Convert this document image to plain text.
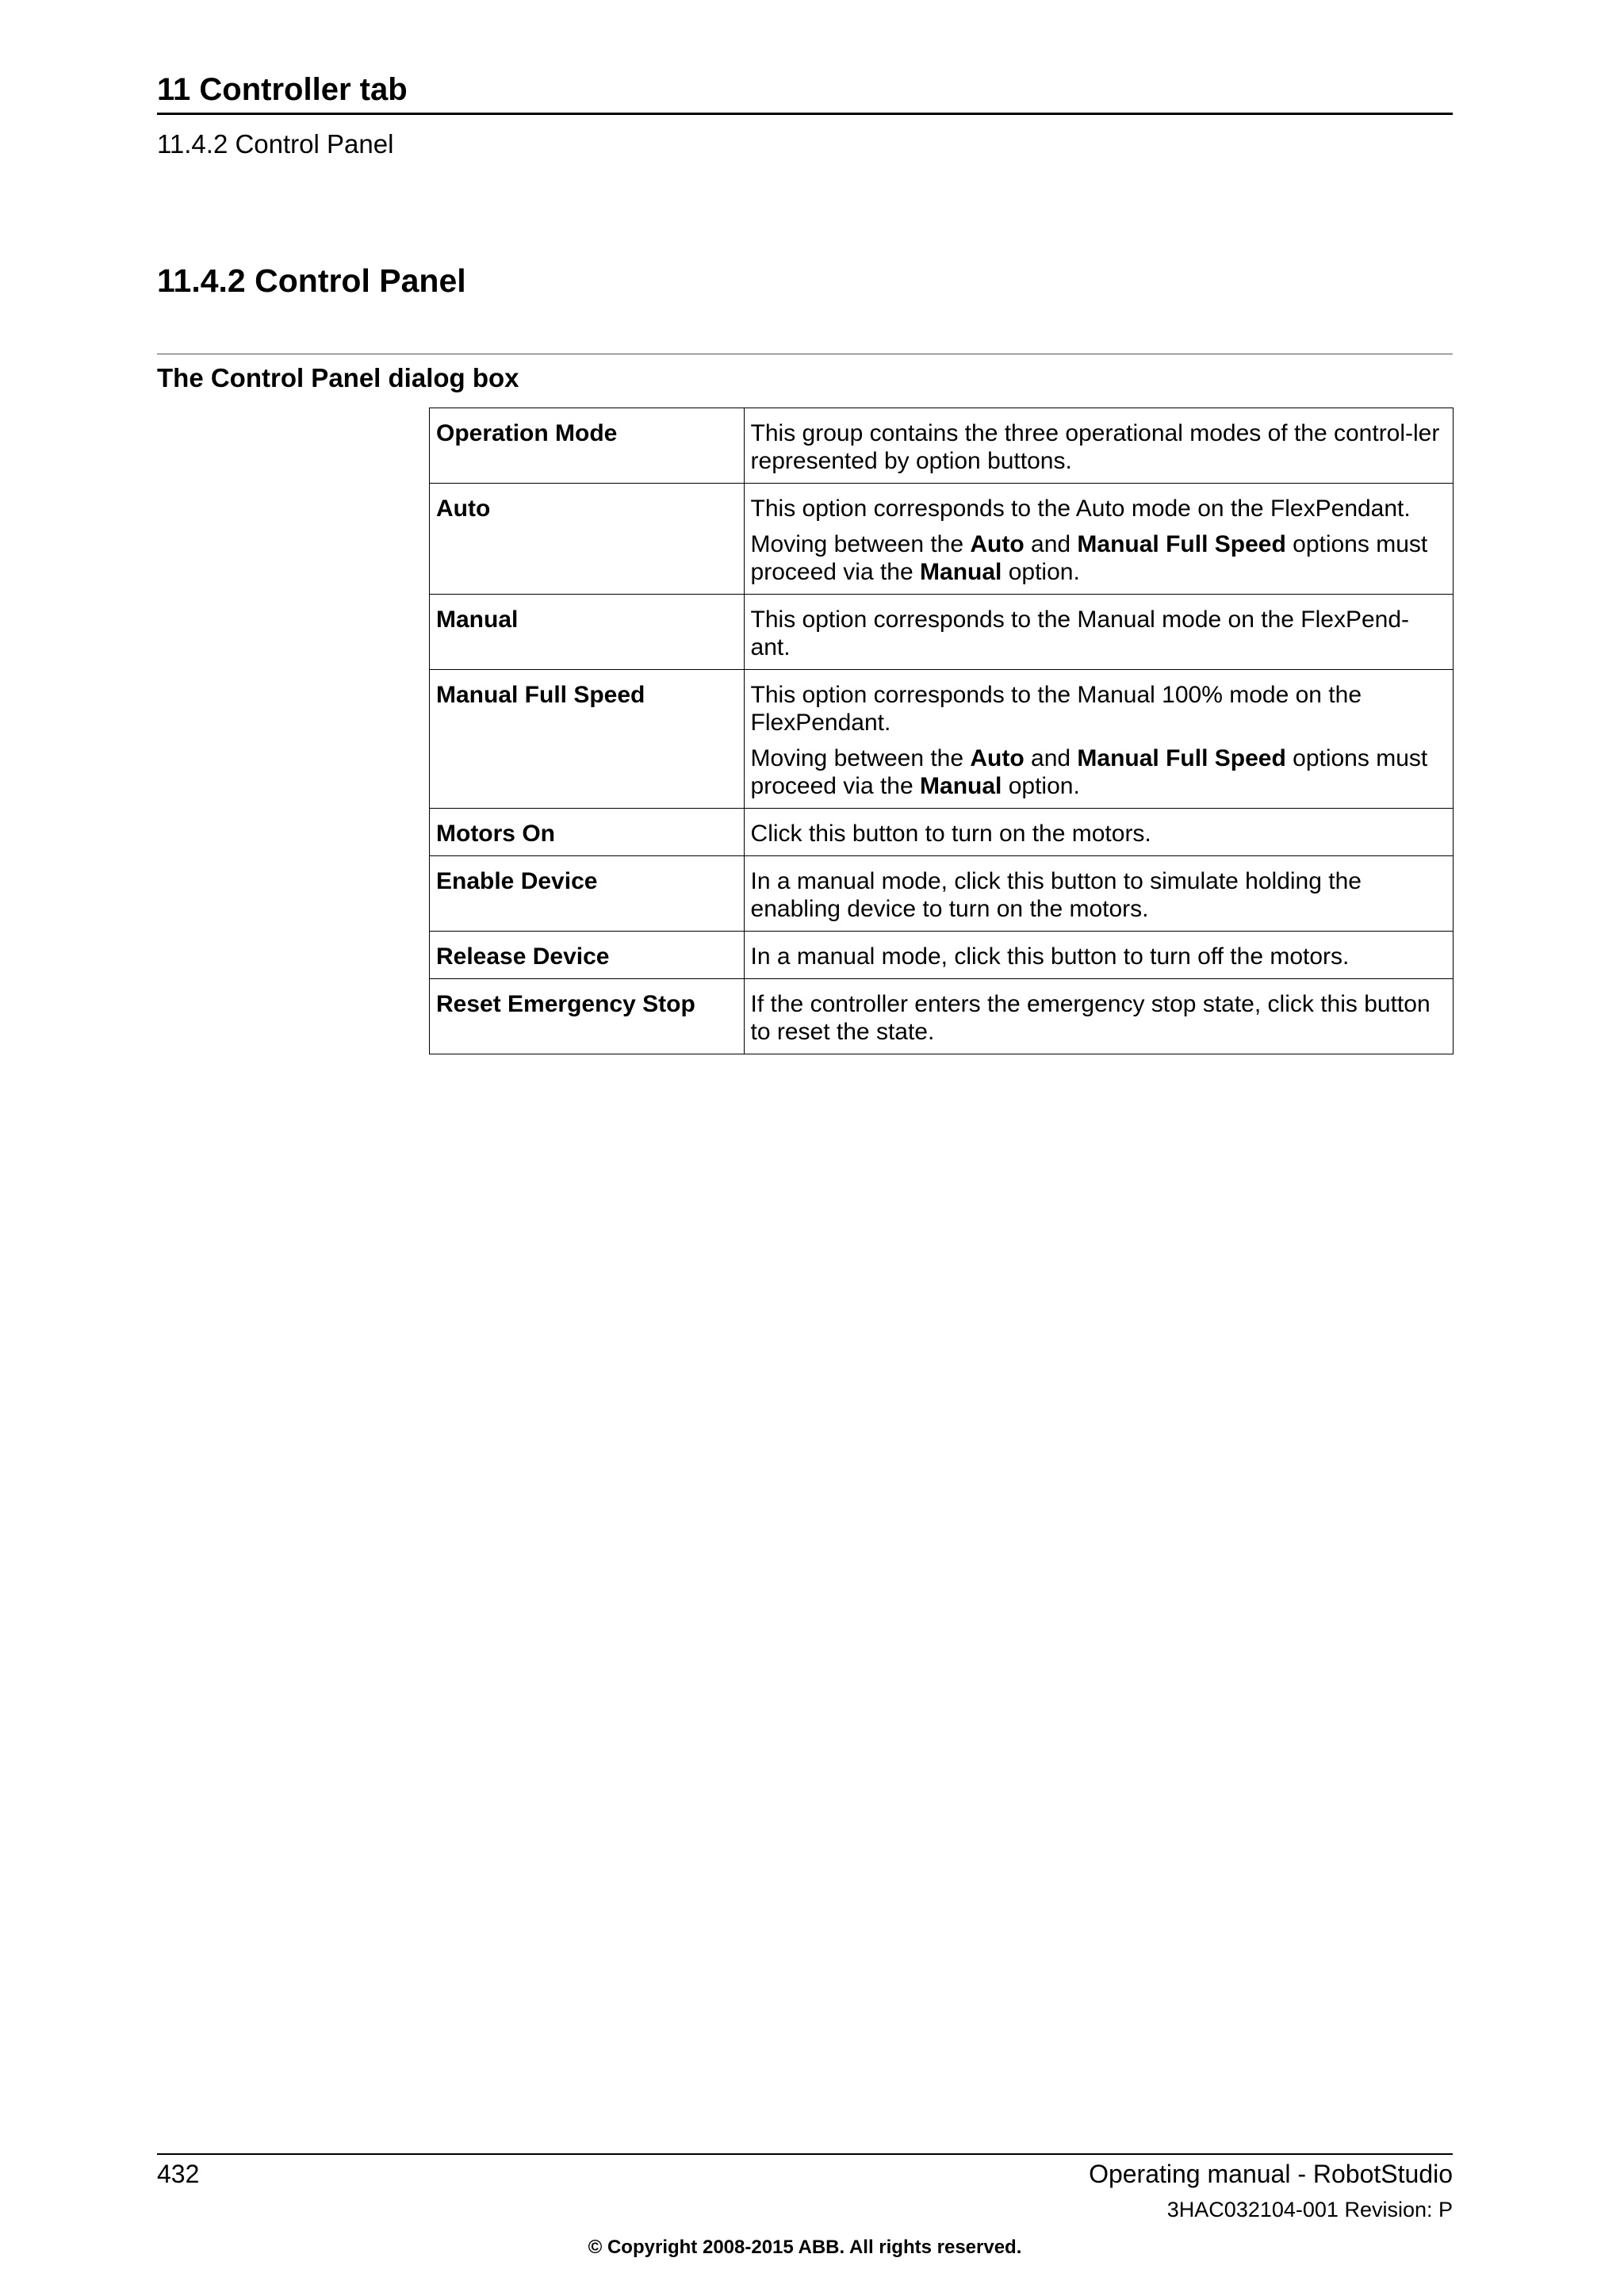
11 Controller tab
11.4.2 Control Panel
11.4.2 Control Panel
The Control Panel dialog box
Operation Mode	This group contains the three operational modes of the control-ler represented by option buttons.

Auto	This option corresponds to the Auto mode on the FlexPendant.

Moving between the Auto and Manual Full Speed options must proceed via the Manual option.

Manual	This option corresponds to the Manual mode on the FlexPend-ant.

Manual Full Speed	This option corresponds to the Manual 100% mode on the FlexPendant.

Moving between the Auto and Manual Full Speed options must proceed via the Manual option.

Motors On	Click this button to turn on the motors.

Enable Device	In a manual mode, click this button to simulate holding the enabling device to turn on the motors.

Release Device	In a manual mode, click this button to turn off the motors.

Reset Emergency Stop	If the controller enters the emergency stop state, click this button to reset the state.

432	Operating manual - RobotStudio
3HAC032104-001 Revision: P
© Copyright 2008-2015 ABB. All rights reserved.
